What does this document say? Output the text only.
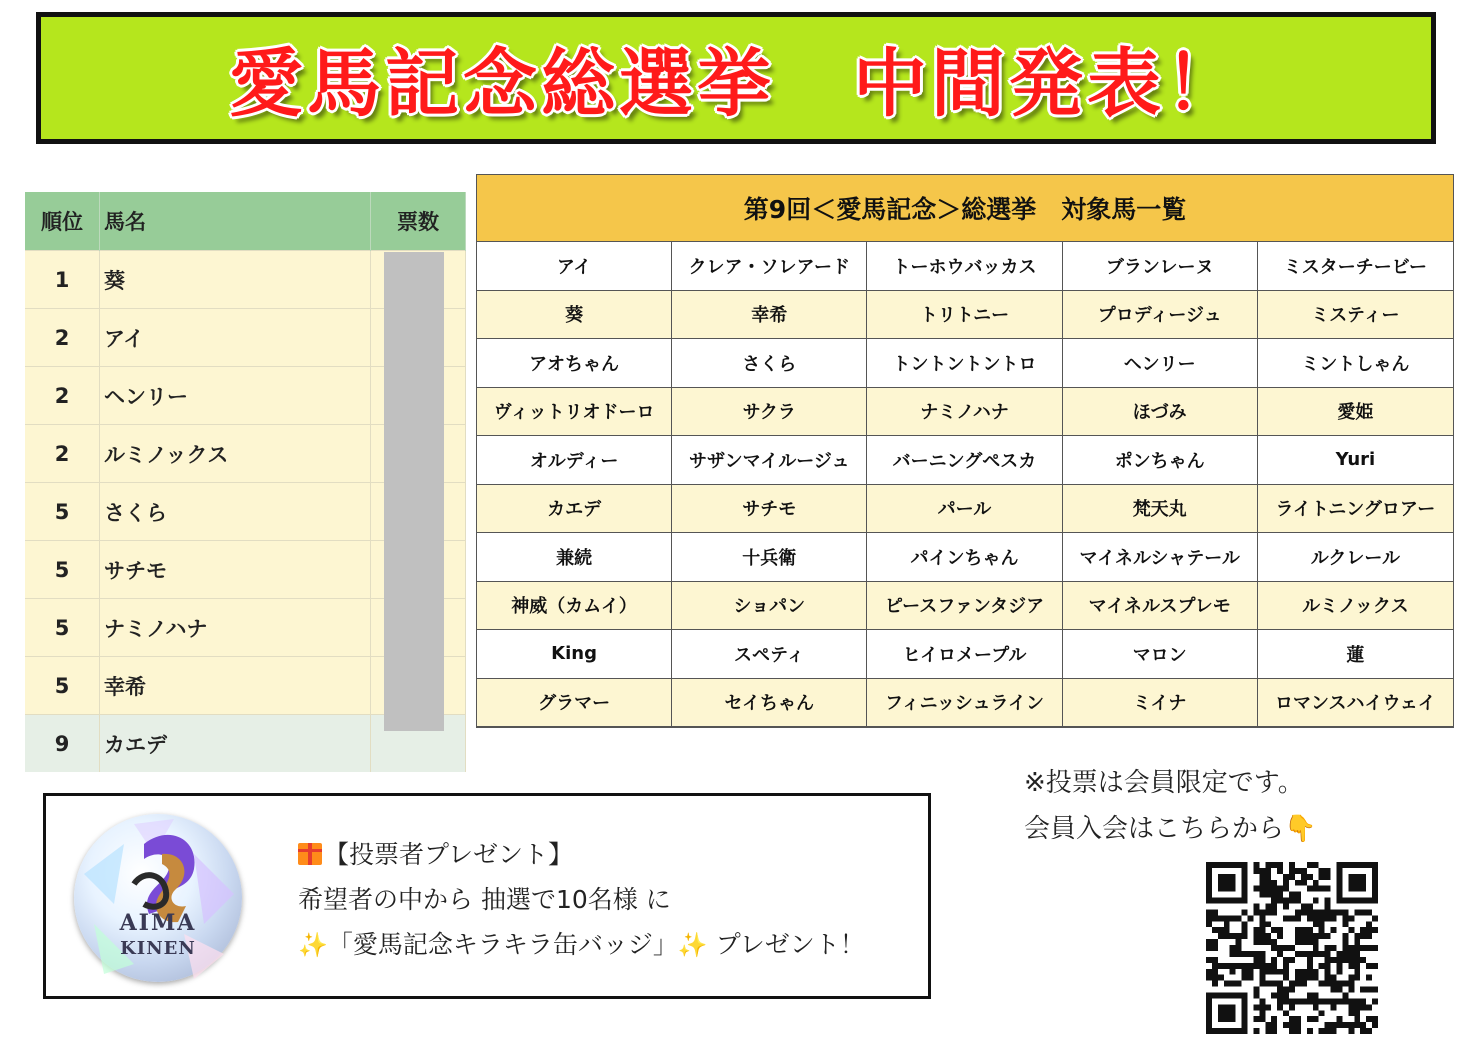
愛馬記念総選挙　中間発表！
順位	馬名	票数
1	葵	
2	アイ	
2	ヘンリー	
2	ルミノックス	
5	さくら	
5	サチモ	
5	ナミノハナ	
5	幸希	
9	カエデ	
第9回＜愛馬記念＞総選挙　対象馬一覧
アイ	クレア・ソレアード	トーホウバッカス	ブランレーヌ	ミスターチービー
葵	幸希	トリトニー	プロディージュ	ミスティー
アオちゃん	さくら	トントントントロ	ヘンリー	ミントしゃん
ヴィットリオドーロ	サクラ	ナミノハナ	ほづみ	愛姫
オルディー	サザンマイルージュ	バーニングペスカ	ポンちゃん	Yuri
カエデ	サチモ	パール	梵天丸	ライトニングロアー
兼続	十兵衛	パインちゃん	マイネルシャテール	ルクレール
神威（カムイ）	ショパン	ピースファンタジア	マイネルスプレモ	ルミノックス
King	スペティ	ヒイロメープル	マロン	蓮
グラマー	セイちゃん	フィニッシュライン	ミイナ	ロマンスハイウェイ
AIMA
KINEN
【投票者プレゼント】
希望者の中から 抽選で10名様 に
✨「愛馬記念キラキラ缶バッジ」✨ プレゼント！
※投票は会員限定です。
会員入会はこちらから👇
